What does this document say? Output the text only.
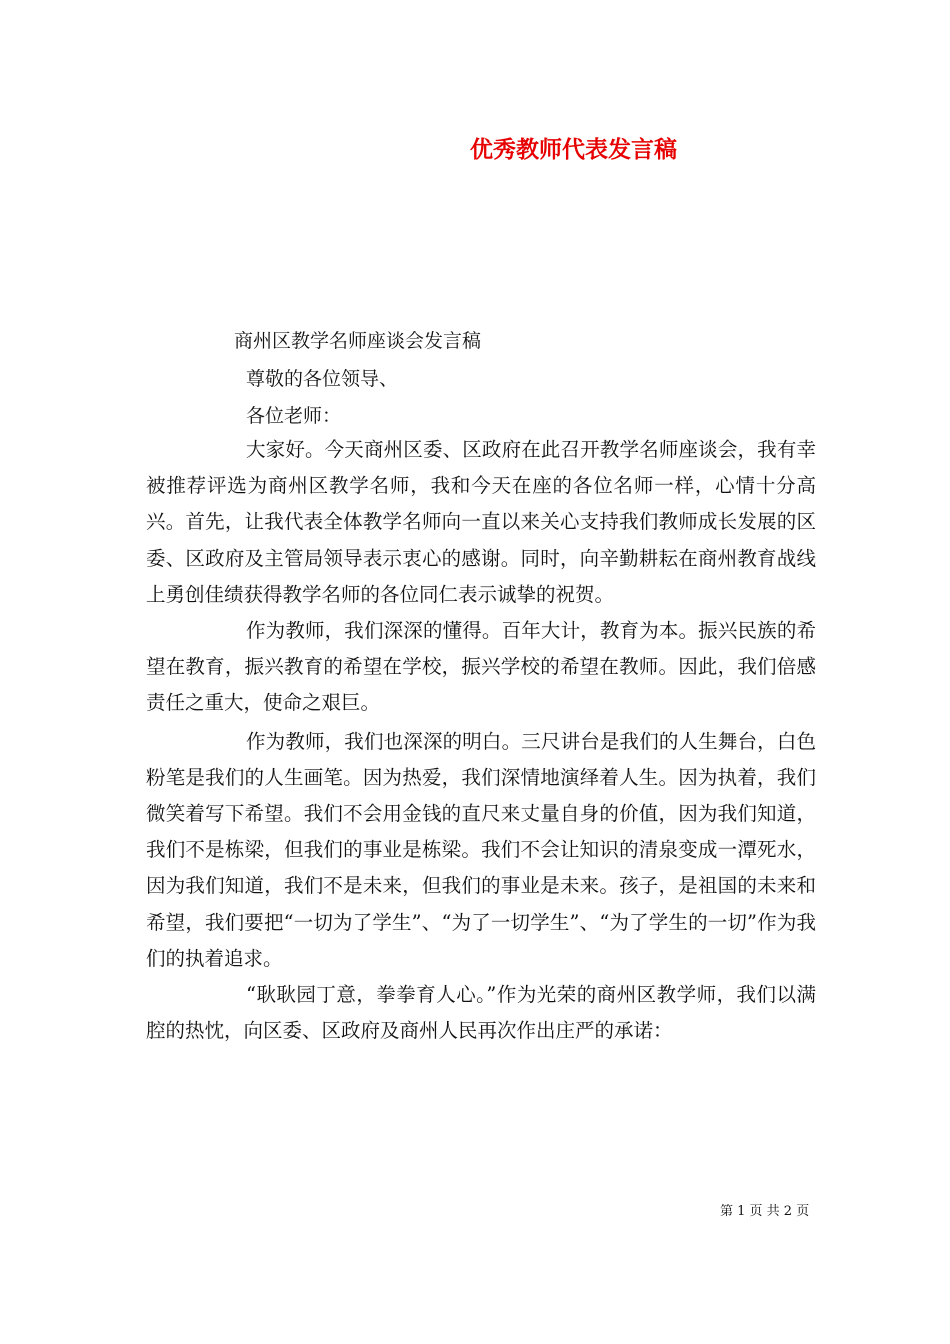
优秀教师代表发言稿
商州区教学名师座谈会发言稿
尊敬的各位领导、
各位老师：

大家好。今天商州区委、区政府在此召开教学名师座谈会，我有幸被推荐评选为商州区教学名师，我和今天在座的各位名师一样，心情十分高兴。首先，让我代表全体教学名师向一直以来关心支持我们教师成长发展的区委、区政府及主管局领导表示衷心的感谢。同时，向辛勤耕耘在商州教育战线上勇创佳绩获得教学名师的各位同仁表示诚挚的祝贺。

作为教师，我们深深的懂得。百年大计，教育为本。振兴民族的希望在教育，振兴教育的希望在学校，振兴学校的希望在教师。因此，我们倍感责任之重大，使命之艰巨。

作为教师，我们也深深的明白。三尺讲台是我们的人生舞台，白色粉笔是我们的人生画笔。因为热爱，我们深情地演绎着人生。因为执着，我们微笑着写下希望。我们不会用金钱的直尺来丈量自身的价值，因为我们知道，我们不是栋梁，但我们的事业是栋梁。我们不会让知识的清泉变成一潭死水，因为我们知道，我们不是未来，但我们的事业是未来。孩子，是祖国的未来和希望，我们要把“一切为了学生”、“为了一切学生”、“为了学生的一切”作为我们的执着追求。

“耿耿园丁意，拳拳育人心。”作为光荣的商州区教学师，我们以满腔的热忱，向区委、区政府及商州人民再次作出庄严的承诺：

第 1 页 共 2 页
